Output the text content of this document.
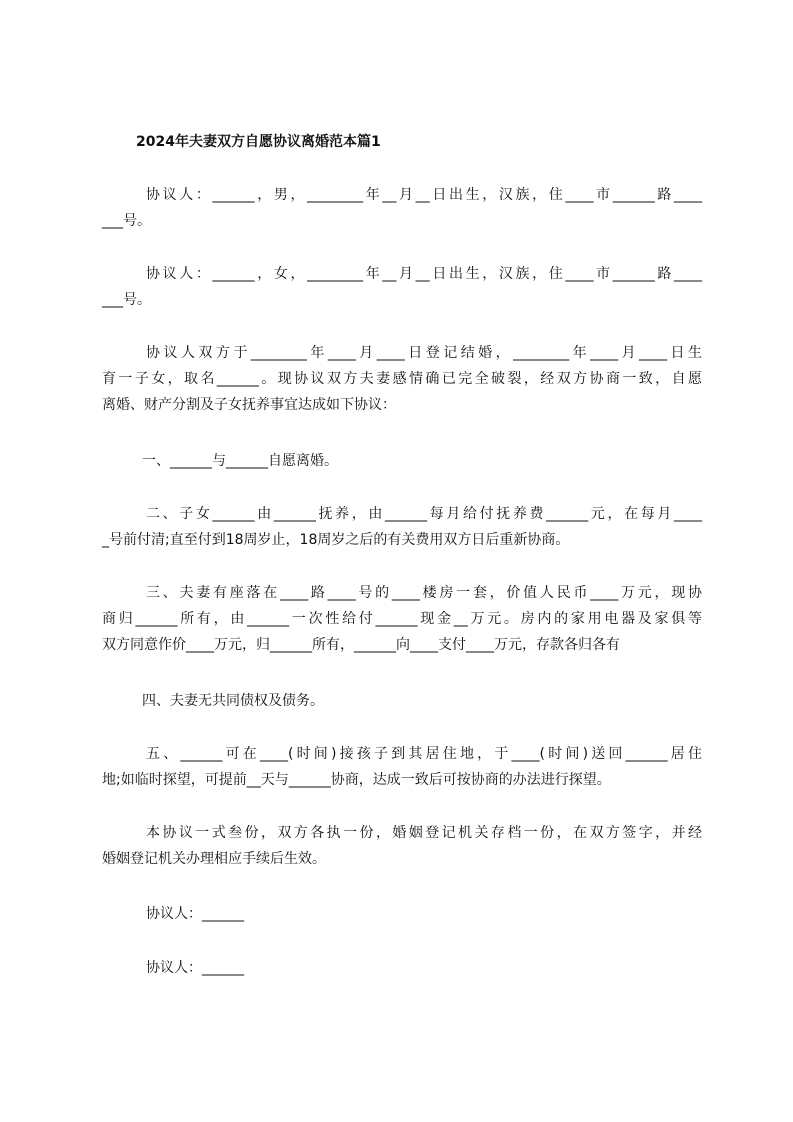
2024年夫妻双方自愿协议离婚范本篇1
协议人：______，男，________年__月__日出生，汉族，住____市______路____
___号。
协议人：______，女，________年__月__日出生，汉族，住____市______路____
___号。
协议人双方于________年____月____日登记结婚，________年____月____日生
育一子女，取名______。现协议双方夫妻感情确已完全破裂，经双方协商一致，自愿
离婚、财产分割及子女抚养事宜达成如下协议：
一、______与______自愿离婚。
二、子女______由______抚养，由______每月给付抚养费______元，在每月____
_号前付清;直至付到18周岁止，18周岁之后的有关费用双方日后重新协商。
三、夫妻有座落在____路____号的____楼房一套，价值人民币____万元，现协
商归______所有，由______一次性给付______现金__万元。房内的家用电器及家俱等
双方同意作价____万元，归______所有，______向____支付____万元，存款各归各有
四、夫妻无共同债权及债务。
五、______可在____(时间)接孩子到其居住地，于____(时间)送回______居住
地;如临时探望，可提前__天与______协商，达成一致后可按协商的办法进行探望。
本协议一式叁份，双方各执一份，婚姻登记机关存档一份，在双方签字，并经
婚姻登记机关办理相应手续后生效。
协议人：______
协议人：______
